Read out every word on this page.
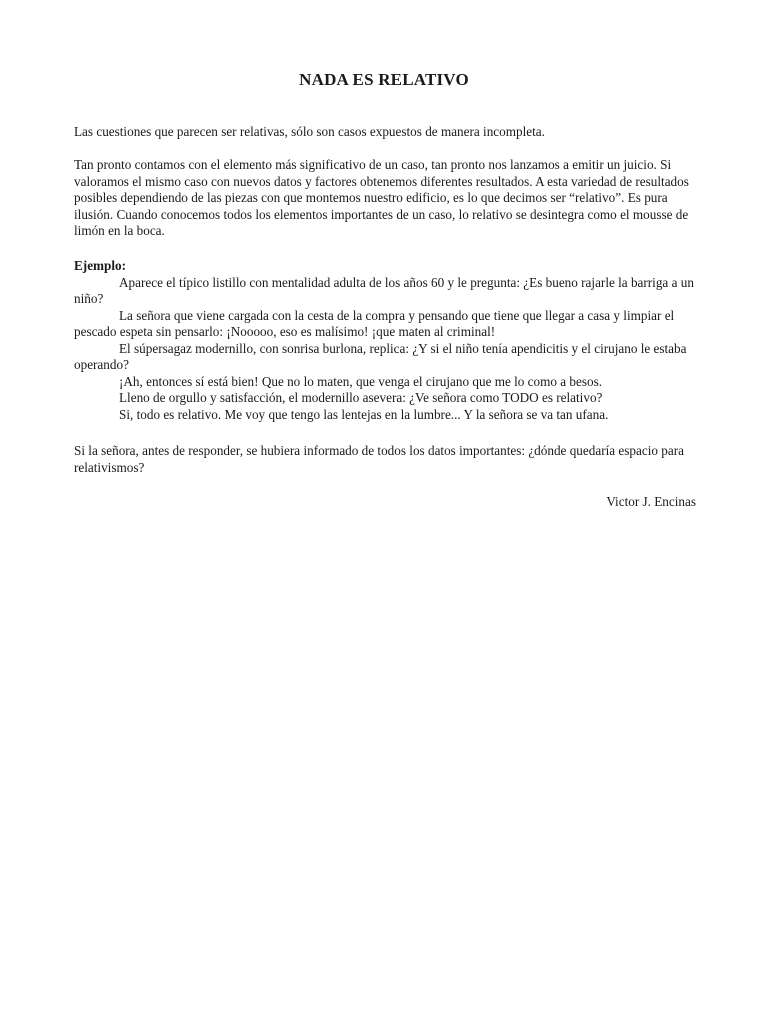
NADA ES RELATIVO

Las cuestiones que parecen ser relativas, sólo son casos expuestos de manera incompleta.

Tan pronto contamos con el elemento más significativo de un caso, tan pronto nos lanzamos a emitir un juicio. Si valoramos el mismo caso con nuevos datos y factores obtenemos diferentes resultados. A esta variedad de resultados posibles dependiendo de las piezas con que montemos nuestro edificio, es lo que decimos ser “relativo”. Es pura ilusión. Cuando conocemos todos los elementos importantes de un caso, lo relativo se desintegra como el mousse de limón en la boca.

Ejemplo:
Aparece el típico listillo con mentalidad adulta de los años 60 y le pregunta: ¿Es bueno rajarle la barriga a un niño?
La señora que viene cargada con la cesta de la compra y pensando que tiene que llegar a casa y limpiar el pescado espeta sin pensarlo: ¡Nooooo, eso es malísimo! ¡que maten al criminal!
El súpersagaz modernillo, con sonrisa burlona, replica: ¿Y si el niño tenía apendicitis y el cirujano le estaba operando?
¡Ah, entonces sí está bien! Que no lo maten, que venga el cirujano que me lo como a besos.
Lleno de orgullo y satisfacción, el modernillo asevera: ¿Ve señora como TODO es relativo?
Si, todo es relativo. Me voy que tengo las lentejas en la lumbre... Y la señora se va tan ufana.

Si la señora, antes de responder, se hubiera informado de todos los datos importantes: ¿dónde quedaría espacio para relativismos?

Victor J. Encinas
